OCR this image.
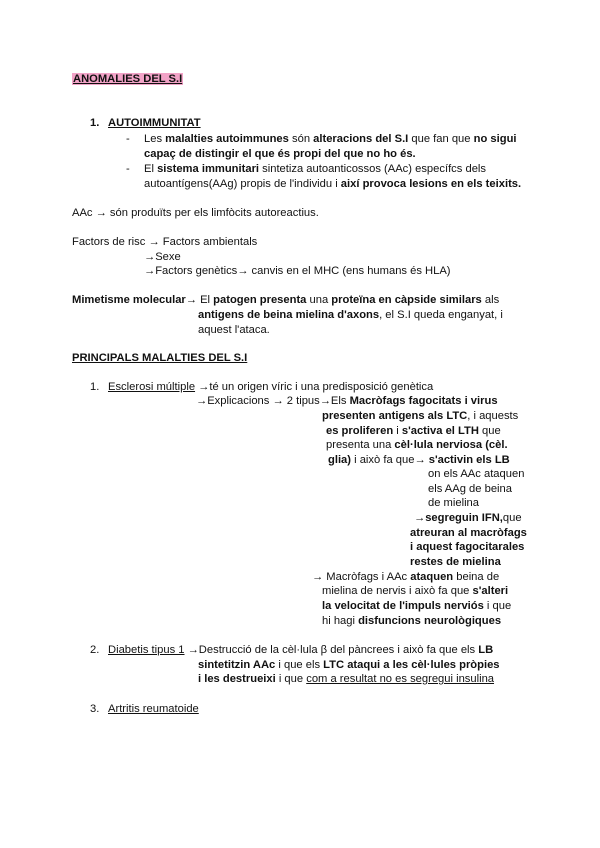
ANOMALIES DEL S.I
1. AUTOIMMUNITAT
- Les malalties autoimmunes són alteracions del S.I que fan que no sigui
capaç de distingir el que és propi del que no ho és.
- El sistema immunitari sintetiza autoanticossos (AAc) específcs dels
autoantígens(AAg) propis de l'individu i així provoca lesions en els teixits.
AAc → són produïts per els limfòcits autoreactius.
Factors de risc → Factors ambientals
→Sexe
→Factors genètics→ canvis en el MHC (ens humans és HLA)
Mimetisme molecular→ El patogen presenta una proteïna en càpside similars als
antigens de beina mielina d'axons, el S.I queda enganyat, i
aquest l'ataca.
PRINCIPALS MALALTIES DEL S.I
1. Esclerosi múltiple →té un origen víric i una predisposició genètica
→Explicacions → 2 tipus→Els Macròfags fagocitats i virus
presenten antigens als LTC, i aquests
es proliferen i s'activa el LTH que
presenta una cèl·lula nerviosa (cèl.
glia) i això fa que→ s'activin els LB
on els AAc ataquen
els AAg de beina
de mielina
→segreguin IFN,que
atreuran al macròfags
i aquest fagocitarales
restes de mielina
→ Macròfags i AAc ataquen beina de
mielina de nervis i això fa que s'alteri
la velocitat de l'impuls nerviós i que
hi hagi disfuncions neurològiques
2. Diabetis tipus 1 →Destrucció de la cèl·lula β del pàncrees i això fa que els LB
sintetitzin AAc i que els LTC ataqui a les cèl·lules pròpies
i les destrueixi i que com a resultat no es segregui insulina
3. Artritis reumatoide
